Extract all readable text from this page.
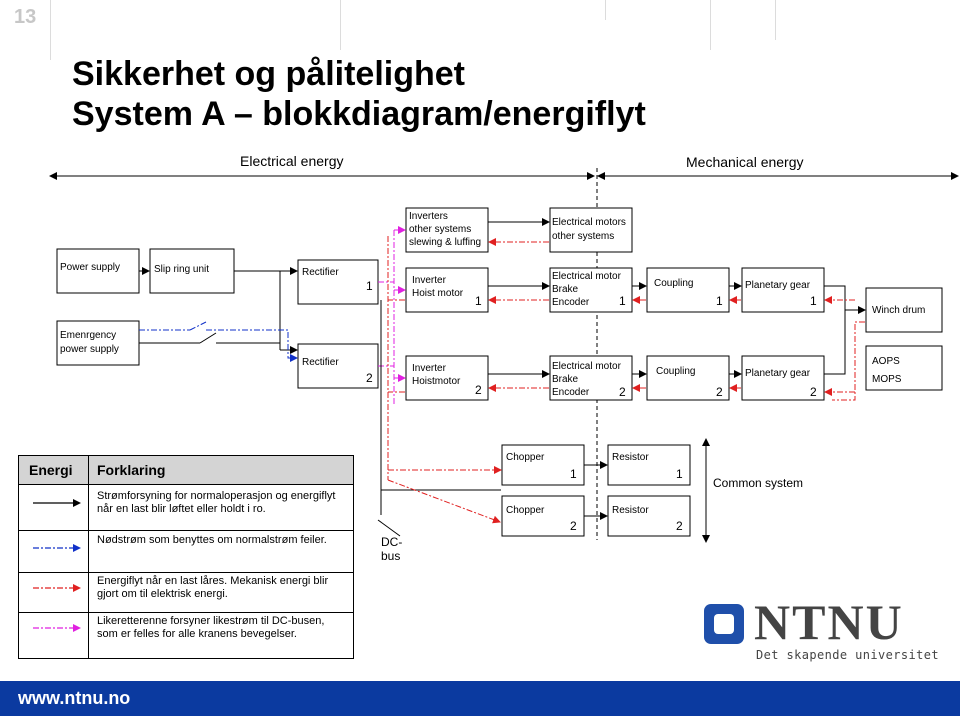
13
Sikkerhet og pålitelighet
System A – blokkdiagram/energiflyt
Electrical energy	Mechanical energy
Power supply	Slip ring unit
Emenrgency
power supply
Rectifier
1
Rectifier
2
Inverters
other systems
slewing & luffing
Electrical motors
other systems
Inverter
Hoist motor
1
Inverter
Hoistmotor
2
Electrical motor
Brake
Encoder 1
Electrical motor
Brake
Encoder 2
Coupling
1
Coupling
2
Planetary gear
1
Planetary gear
2
Winch drum
AOPS
MOPS
Chopper
1
Resistor
1
Chopper
2
Resistor
2
Common system
DC-
bus
Energi Forklaring
Strømforsyning for normaloperasjon og energiflyt når en last blir løftet eller holdt i ro.
Nødstrøm som benyttes om normalstrøm feiler.
Energiflyt når en last låres. Mekanisk energi blir gjort om til elektrisk energi.
Likeretterenne forsyner likestrøm til DC-busen, som er felles for alle kranens bevegelser.	NTNU
Det skapende universitet
www.ntnu.no
